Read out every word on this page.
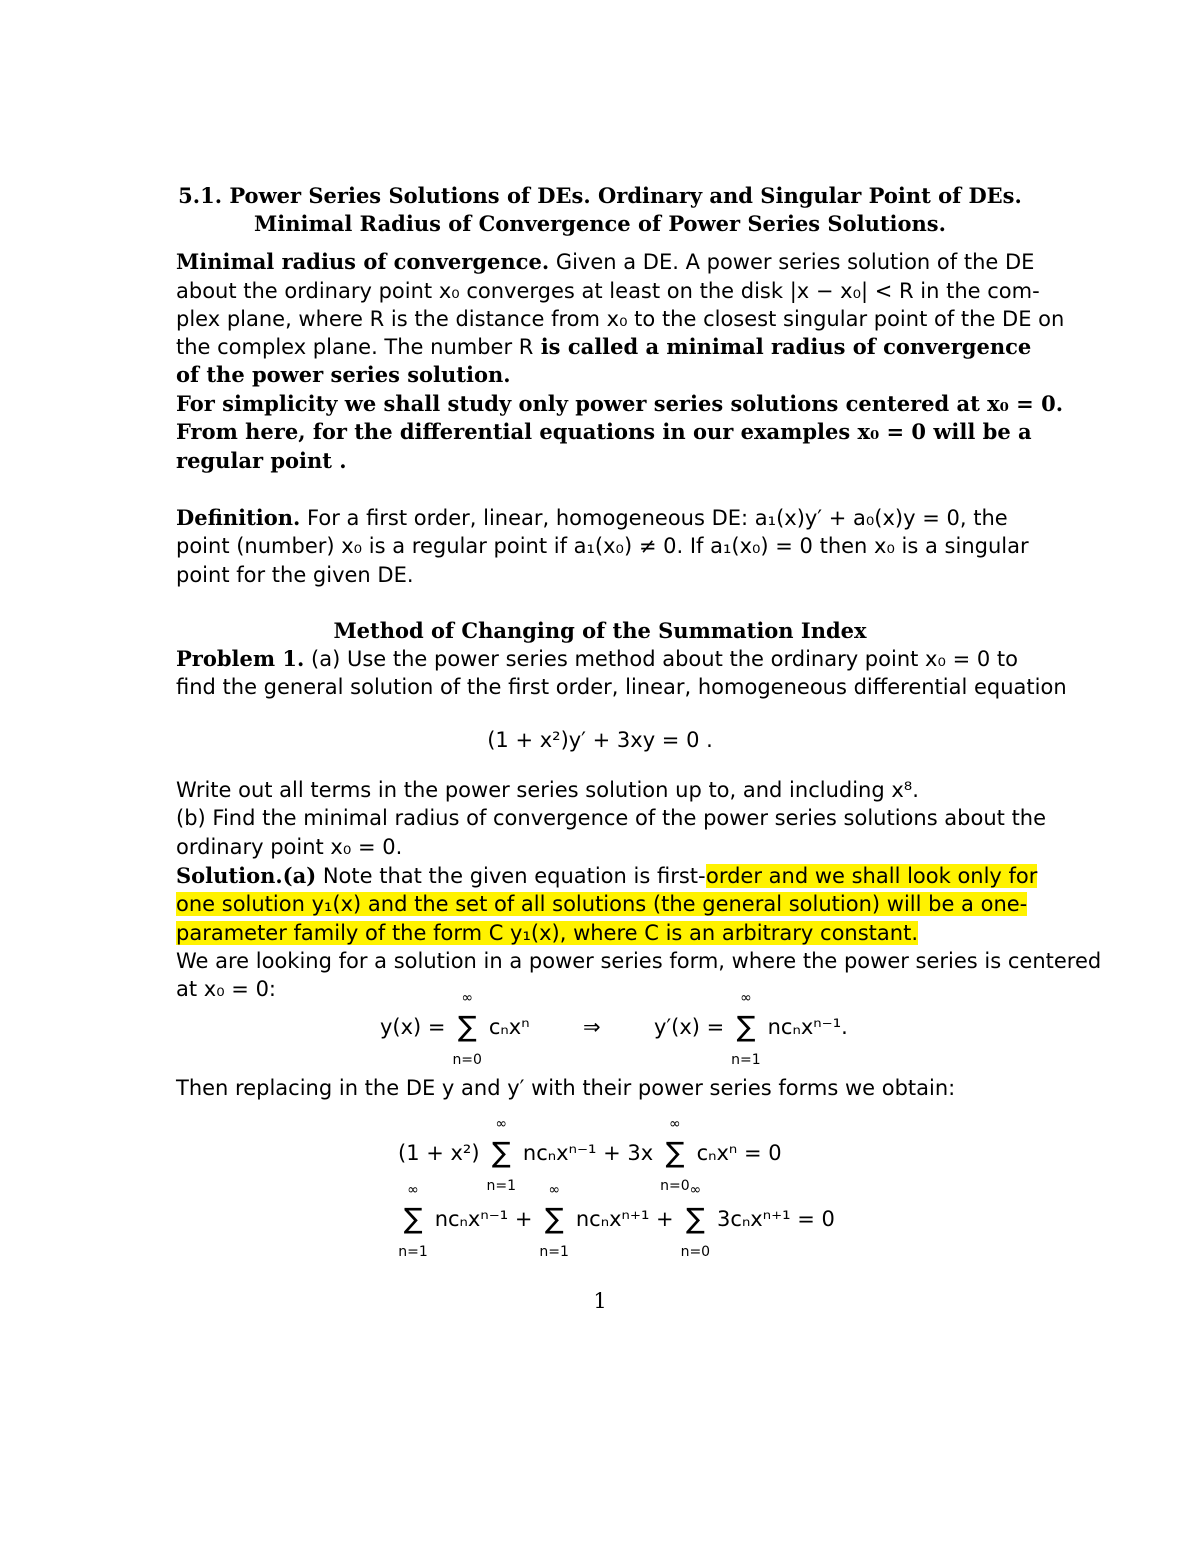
5.1. Power Series Solutions of DEs. Ordinary and Singular Point of DEs.
Minimal Radius of Convergence of Power Series Solutions.
Minimal radius of convergence. Given a DE. A power series solution of the DE
about the ordinary point x₀ converges at least on the disk |x − x₀| < R in the com-
plex plane, where R is the distance from x₀ to the closest singular point of the DE on
the complex plane. The number R is called a minimal radius of convergence
of the power series solution.
For simplicity we shall study only power series solutions centered at x₀ = 0.
From here, for the differential equations in our examples x₀ = 0 will be a
regular point .
Definition. For a first order, linear, homogeneous DE: a₁(x)y′ + a₀(x)y = 0, the
point (number) x₀ is a regular point if a₁(x₀) ≠ 0. If a₁(x₀) = 0 then x₀ is a singular
point for the given DE.
Method of Changing of the Summation Index
Problem 1. (a) Use the power series method about the ordinary point x₀ = 0 to
find the general solution of the first order, linear, homogeneous differential equation
(1 + x²)y′ + 3xy = 0 .
Write out all terms in the power series solution up to, and including x⁸.
(b) Find the minimal radius of convergence of the power series solutions about the
ordinary point x₀ = 0.
Solution.(a) Note that the given equation is first-order and we shall look only for
one solution y₁(x) and the set of all solutions (the general solution) will be a one-
parameter family of the form C y₁(x), where C is an arbitrary constant.
We are looking for a solution in a power series form, where the power series is centered
at x₀ = 0:
y(x) =
∞
∑
n=0
cₙxⁿ	⇒	y′(x) =
∞
∑
n=1
ncₙxⁿ⁻¹.
Then replacing in the DE y and y′ with their power series forms we obtain:
(1 + x²)
∞
∑
n=1
ncₙxⁿ⁻¹ + 3x
∞
∑
n=0
cₙxⁿ = 0
∞
∑
n=1
ncₙxⁿ⁻¹ +
∞
∑
n=1
ncₙxⁿ⁺¹ +
∞
∑
n=0
3cₙxⁿ⁺¹ = 0
1
